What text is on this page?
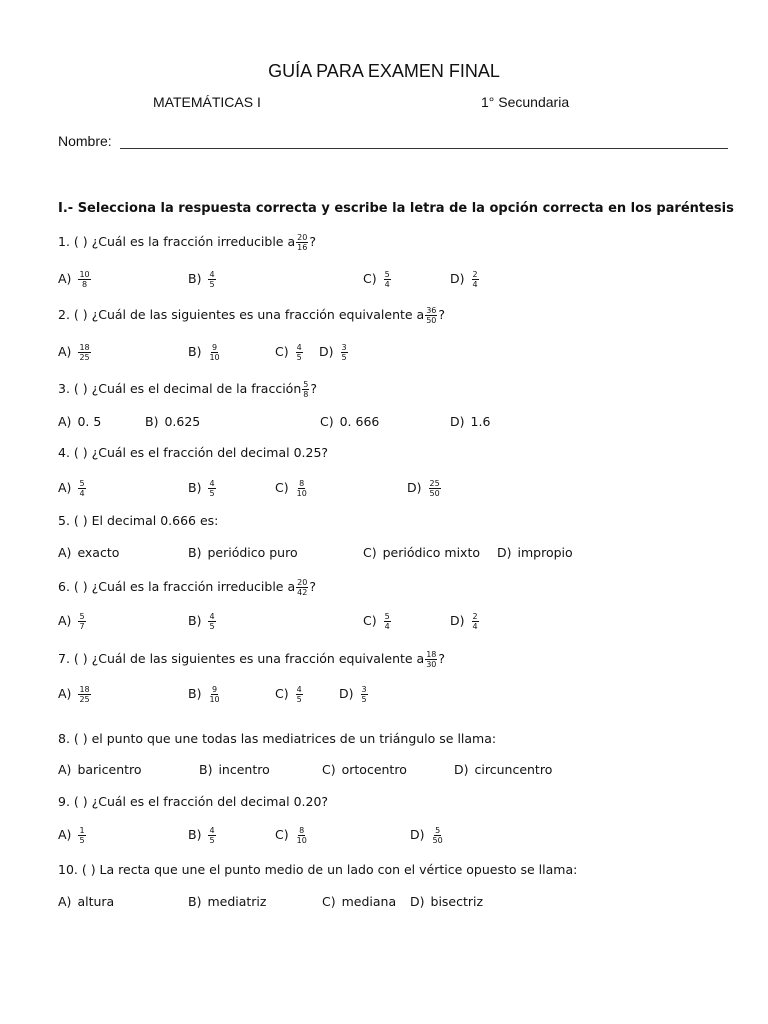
GUÍA PARA EXAMEN FINAL
MATEMÁTICAS I	1° Secundaria
Nombre:
I.- Selecciona la respuesta correcta y escribe la letra de la opción correcta en los paréntesis
1. ( ) ¿Cuál es la fracción irreducible a $\frac{20}{16}$ ?
$A) \frac{10}{8}$	$B) \frac{4}{5}$	$C) \frac{5}{4}$	$D) \frac{2}{4}$
2. ( ) ¿Cuál de las siguientes es una fracción equivalente a $\frac{36}{50}$ ?
$A) \frac{18}{25}$	$B) \frac{9}{10}$	$C) \frac{4}{5} D) \frac{3}{5}$
3. ( ) ¿Cuál es el decimal de la fracción $\frac{5}{8}$ ?
A) 0. 5	B) 0.625	C) 0. 666	D) 1.6
4. ( ) ¿Cuál es el fracción del decimal 0.25?
$A) \frac{5}{4}$	$B) \frac{4}{5}$	$C) \frac{8}{10}$	$D) \frac{25}{50}$
5. ( ) El decimal 0.666 es:
A) exacto	B) periódico puro	C) periódico mixto D) impropio
6. ( ) ¿Cuál es la fracción irreducible a $\frac{20}{42}$ ?
$A) \frac{5}{7}$	$B) \frac{4}{5}$	$C) \frac{5}{4}$	$D) \frac{2}{4}$
7. ( ) ¿Cuál de las siguientes es una fracción equivalente a $\frac{18}{30}$ ?
$A) \frac{18}{25}$	$B) \frac{9}{10}$	$C) \frac{4}{5}$	$D) \frac{3}{5}$
8. ( ) el punto que une todas las mediatrices de un triángulo se llama:
A) baricentro	B) incentro	C) ortocentro	D) circuncentro
9. ( ) ¿Cuál es el fracción del decimal 0.20?
$A) \frac{1}{5}$	$B) \frac{4}{5}$	$C) \frac{8}{10}$	$D) \frac{5}{50}$
10. ( ) La recta que une el punto medio de un lado con el vértice opuesto se llama:
A) altura	B) mediatriz	C) mediana D) bisectriz
